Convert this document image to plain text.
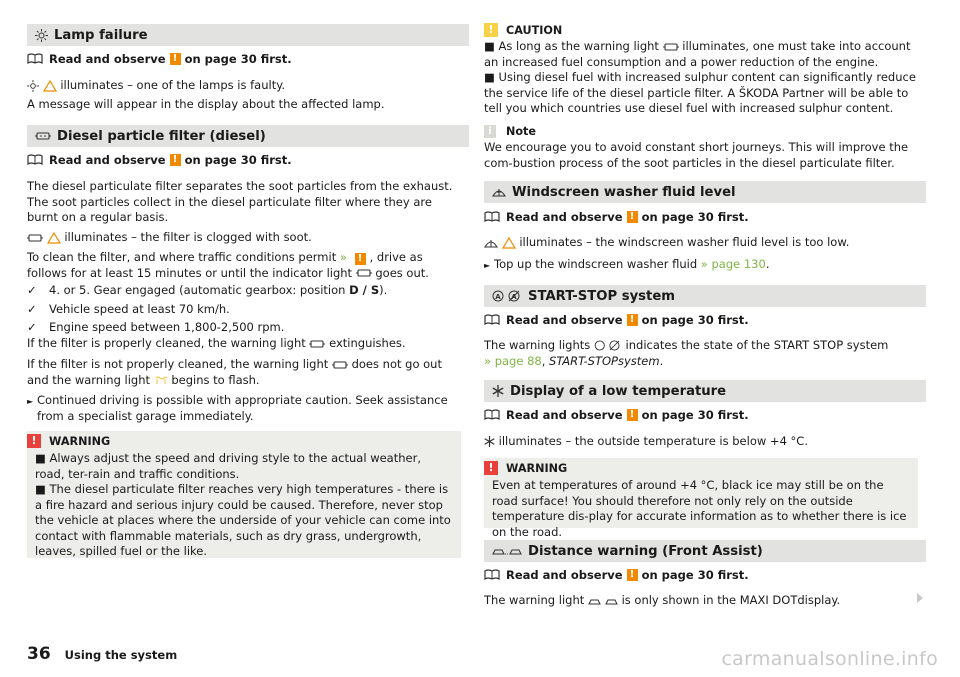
Lamp failure
Read and observe ! on page 30 first.

illuminates – one of the lamps is faulty.

A message will appear in the display about the affected lamp.

Diesel particle filter (diesel)
Read and observe ! on page 30 first.

The diesel particulate filter separates the soot particles from the exhaust. The soot particles collect in the diesel particulate filter where they are burnt on a regular basis.

illuminates – the filter is clogged with soot.

To clean the filter, and where traffic conditions permit » ! , drive as follows for at least 15 minutes or until the indicator light goes out.

✓	4. or 5. Gear engaged (automatic gearbox: position D / S).
✓	Vehicle speed at least 70 km/h.
✓	Engine speed between 1,800-2,500 rpm.

If the filter is properly cleaned, the warning light extinguishes.

If the filter is not properly cleaned, the warning light does not go out and the warning light begins to flash.

► Continued driving is possible with appropriate caution. Seek assistance from a specialist garage immediately.
!	WARNING
■ Always adjust the speed and driving style to the actual weather, road, ter-rain and traffic conditions.
■ The diesel particulate filter reaches very high temperatures - there is a fire hazard and serious injury could be caused. Therefore, never stop the vehicle at places where the underside of your vehicle can come into contact with flammable materials, such as dry grass, undergrowth, leaves, spilled fuel or the like.
!	CAUTION
■ As long as the warning light illuminates, one must take into account an increased fuel consumption and a power reduction of the engine.
■ Using diesel fuel with increased sulphur content can significantly reduce the service life of the diesel particle filter. A ŠKODA Partner will be able to tell you which countries use diesel fuel with increased sulphur content.
i	Note

We encourage you to avoid constant short journeys. This will improve the com-bustion process of the soot particles in the diesel particulate filter.

Windscreen washer fluid level
Read and observe ! on page 30 first.

illuminates – the windscreen washer fluid level is too low.

► Top up the windscreen washer fluid » page 130.
A A START-STOP system
Read and observe ! on page 30 first.

The warning lights	indicates the state of the START STOP system
» page 88, START-STOPsystem.

Display of a low temperature
Read and observe ! on page 30 first.

illuminates – the outside temperature is below +4 °C.

!	WARNING
Even at temperatures of around +4 °C, black ice may still be on the road surface! You should therefore not only rely on the outside temperature dis-play for accurate information as to whether there is ice on the road.
Distance warning (Front Assist)
Read and observe ! on page 30 first.

The warning light	is only shown in the MAXI DOTdisplay.

36 Using the system	carmanualsonline.info
